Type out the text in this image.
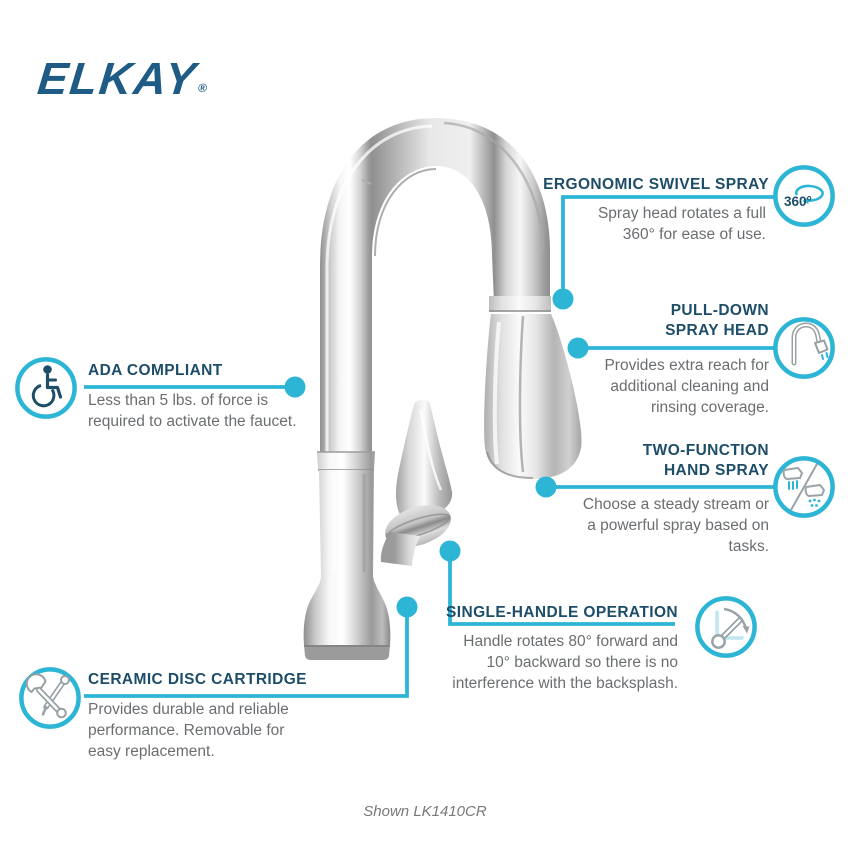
ELKAY®
ERGONOMIC SWIVEL SPRAY
Spray head rotates a full 360° for ease of use.
360°
PULL-DOWN SPRAY HEAD
Provides extra reach for additional cleaning and rinsing coverage.
TWO-FUNCTION HAND SPRAY
Choose a steady stream or a powerful spray based on tasks.
SINGLE-HANDLE OPERATION
Handle rotates 80° forward and 10° backward so there is no interference with the backsplash.
ADA COMPLIANT
Less than 5 lbs. of force is required to activate the faucet.
CERAMIC DISC CARTRIDGE
Provides durable and reliable performance. Removable for easy replacement.
Shown LK1410CR
